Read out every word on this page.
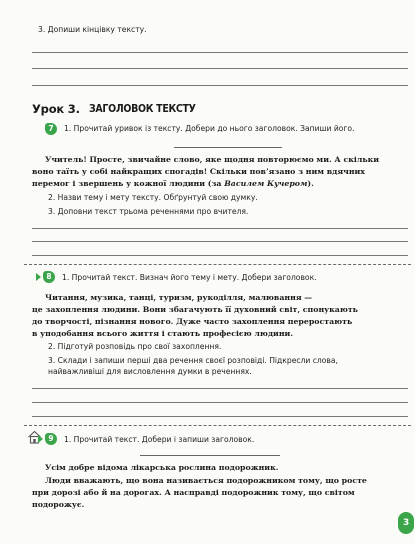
3. Допиши кінцівку тексту.
Урок 3. ЗАГОЛОВОК ТЕКСТУ
7	1. Прочитай уривок із тексту. Добери до нього заголовок. Запиши його.
Учитель! Просте, звичайне слово, яке щодня повторюємо ми. А скільки
воно таїть у собі найкращих спогадів! Скільки пов’язано з ним вдячних
перемог і звершень у кожної людини (за Василем Кучером).
2. Назви тему і мету тексту. Обґрунтуй свою думку.
3. Доповни текст трьома реченнями про вчителя.
8	1. Прочитай текст. Визнач його тему і мету. Добери заголовок.
Читання, музика, танці, туризм, рукоділля, малювання —
це захоплення людини. Вони збагачують її духовний світ, спонукають
до творчості, пізнання нового. Дуже часто захоплення переростають
в уподобання всього життя і стають професією людини.
2. Підготуй розповідь про свої захоплення.
3. Склади і запиши перші два речення своєї розповіді. Підкресли слова,
найважливіші для висловлення думки в реченнях.
9	1. Прочитай текст. Добери і запиши заголовок.
Усім добре відома лікарська рослина подорожник.
Люди вважають, що вона називається подорожником тому, що росте
при дорозі або й на дорогах. А насправді подорожник тому, що світом
подорожує.
3
